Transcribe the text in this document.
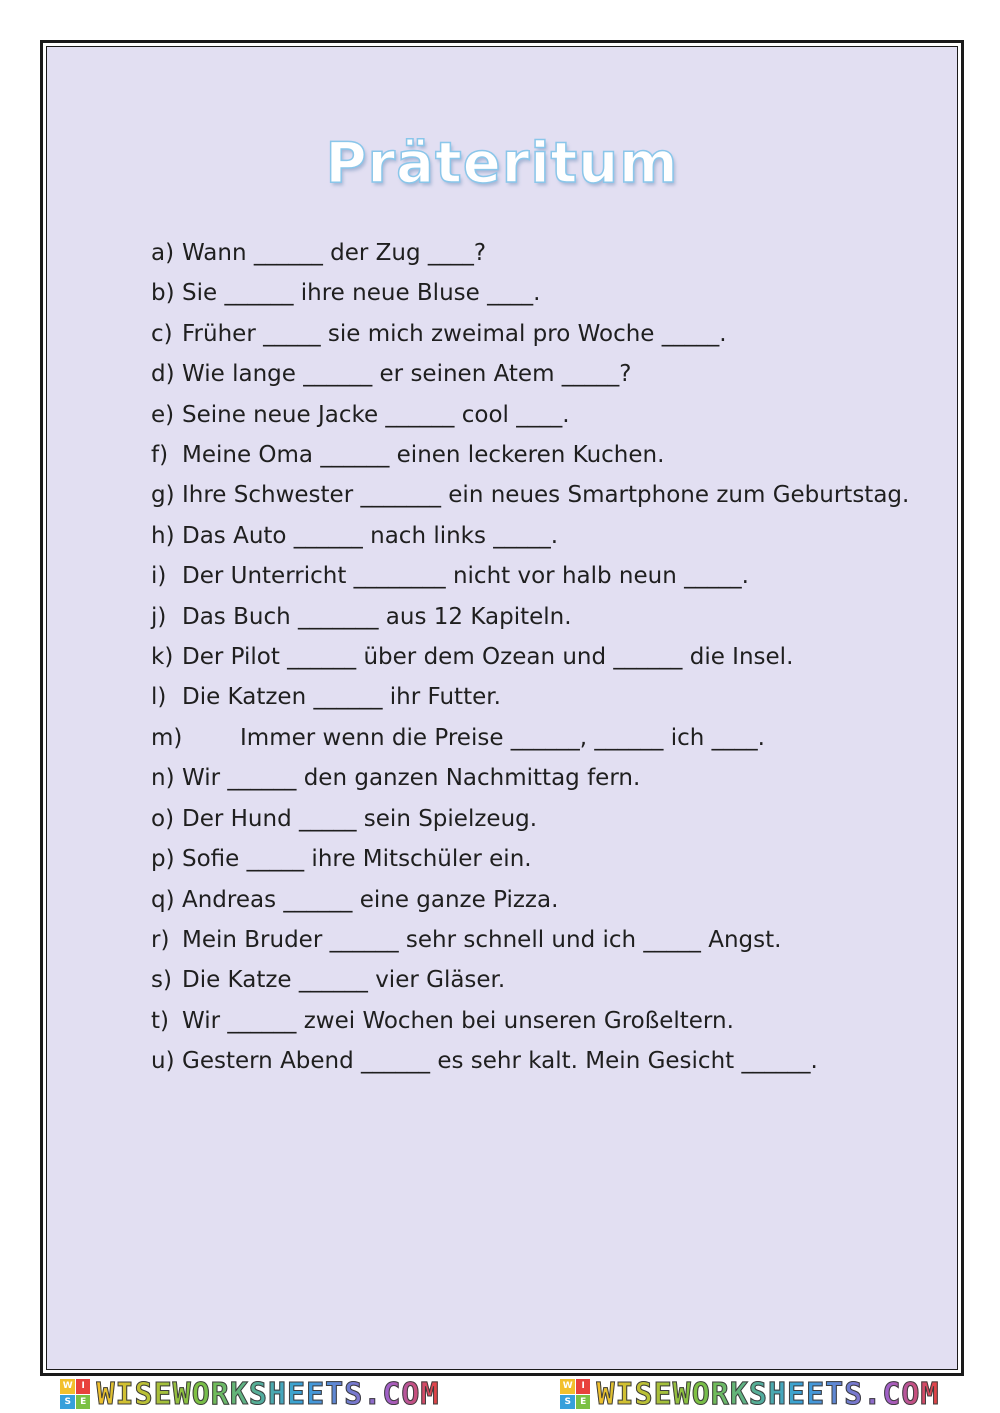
Präteritum
a) Wann ______ der Zug ____?
b) Sie ______ ihre neue Bluse ____.
c) Früher _____ sie mich zweimal pro Woche _____.
d) Wie lange ______ er seinen Atem _____?
e) Seine neue Jacke ______ cool ____.
f) Meine Oma ______ einen leckeren Kuchen.
g) Ihre Schwester _______ ein neues Smartphone zum Geburtstag.
h) Das Auto ______ nach links _____.
i) Der Unterricht ________ nicht vor halb neun _____.
j) Das Buch _______ aus 12 Kapiteln.
k) Der Pilot ______ über dem Ozean und ______ die Insel.
l) Die Katzen ______ ihr Futter.
m)	Immer wenn die Preise ______, ______ ich ____.
n) Wir ______ den ganzen Nachmittag fern.
o) Der Hund _____ sein Spielzeug.
p) Sofie _____ ihre Mitschüler ein.
q) Andreas ______ eine ganze Pizza.
r) Mein Bruder ______ sehr schnell und ich _____ Angst.
s) Die Katze ______ vier Gläser.
t) Wir ______ zwei Wochen bei unseren Großeltern.
u) Gestern Abend ______ es sehr kalt. Mein Gesicht ______.
W I
S	E WISEWORKSHEETS.COM	W I
S	E WISEWORKSHEETS.COM
